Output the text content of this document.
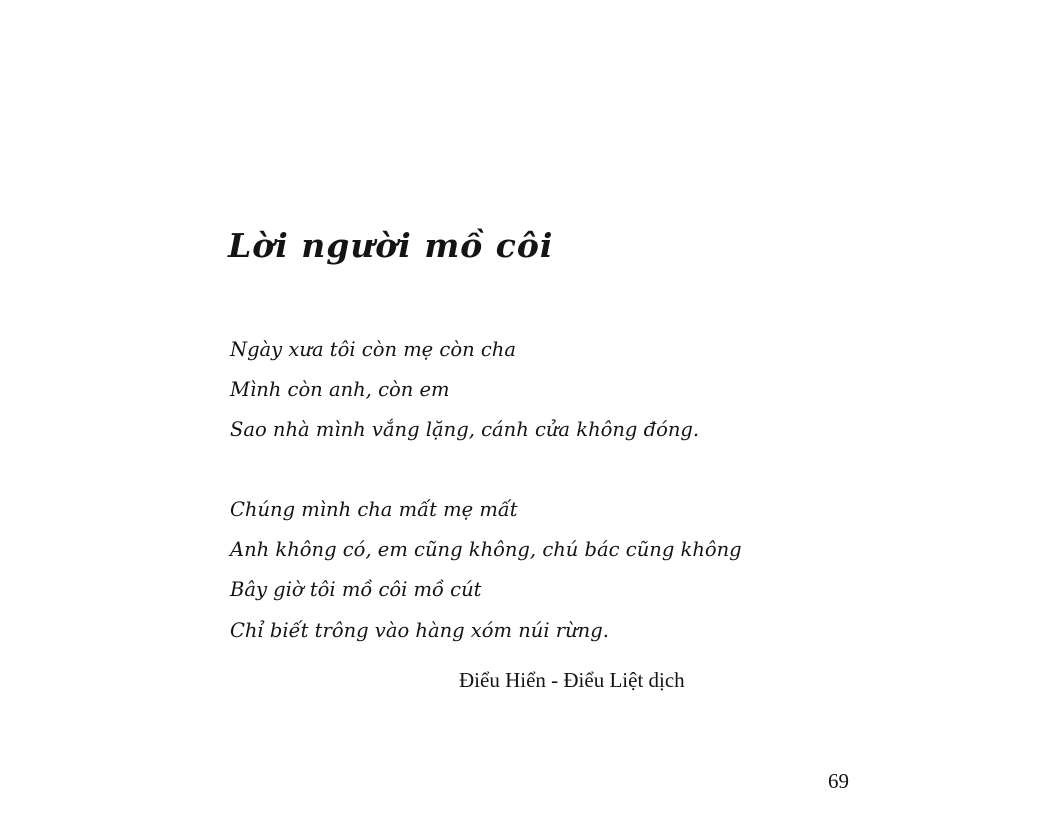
Lời người mồ côi
Ngày xưa tôi còn mẹ còn cha
Mình còn anh, còn em
Sao nhà mình vắng lặng, cánh cửa không đóng.
Chúng mình cha mất mẹ mất
Anh không có, em cũng không, chú bác cũng không
Bây giờ tôi mồ côi mồ cút
Chỉ biết trông vào hàng xóm núi rừng.

Điểu Hiển - Điểu Liệt dịch

69
